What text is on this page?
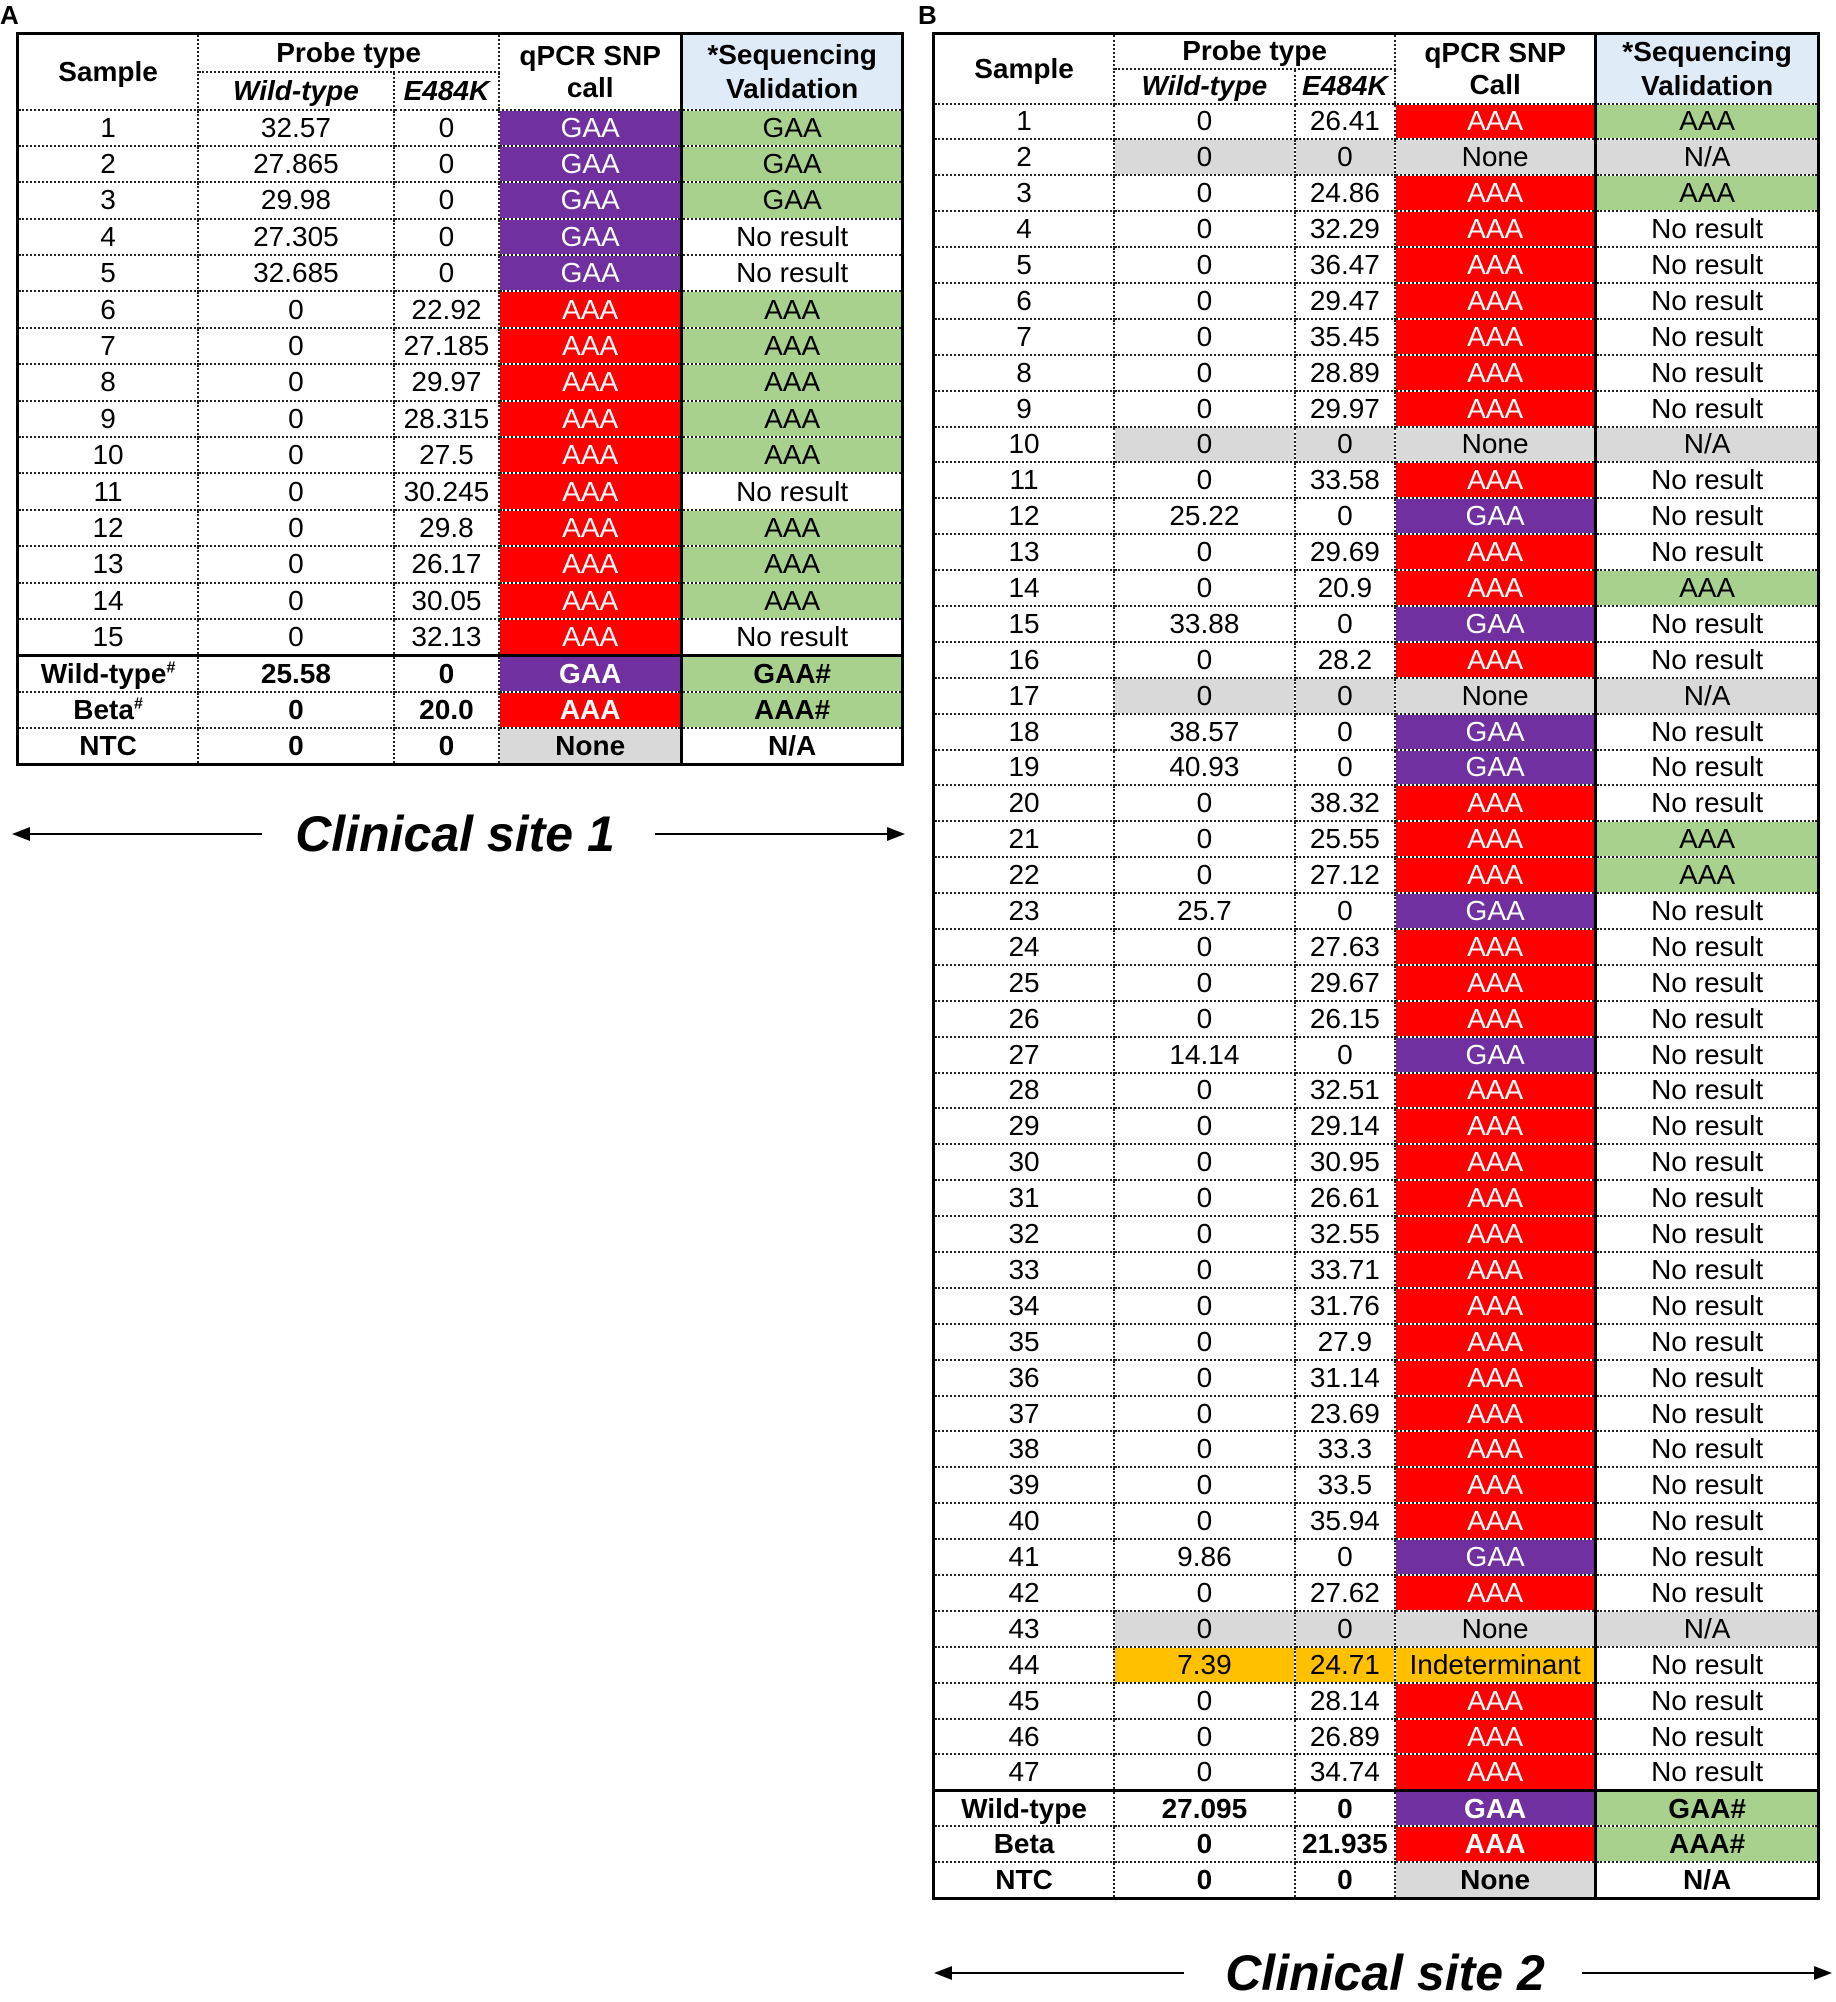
A	B
Sample	Probe type		qPCR SNP call	*Sequencing Validation
	Wild-type	E484K		
1	32.57	0	GAA	GAA
2	27.865	0	GAA	GAA
3	29.98	0	GAA	GAA
4	27.305	0	GAA	No result
5	32.685	0	GAA	No result
6	0	22.92	AAA	AAA
7	0	27.185	AAA	AAA
8	0	29.97	AAA	AAA
9	0	28.315	AAA	AAA
10	0	27.5	AAA	AAA
11	0	30.245	AAA	No result
12	0	29.8	AAA	AAA
13	0	26.17	AAA	AAA
14	0	30.05	AAA	AAA
15	0	32.13	AAA	No result
Wild-type#	25.58	0	GAA	GAA#
Beta#	0	20.0	AAA	AAA#
NTC	0	0	None	N/A
Sample	Probe type		qPCR SNP Call	*Sequencing Validation
	Wild-type	E484K		
1	0	26.41	AAA	AAA
2	0	0	None	N/A
3	0	24.86	AAA	AAA
4	0	32.29	AAA	No result
5	0	36.47	AAA	No result
6	0	29.47	AAA	No result
7	0	35.45	AAA	No result
8	0	28.89	AAA	No result
9	0	29.97	AAA	No result
10	0	0	None	N/A
11	0	33.58	AAA	No result
12	25.22	0	GAA	No result
13	0	29.69	AAA	No result
14	0	20.9	AAA	AAA
15	33.88	0	GAA	No result
16	0	28.2	AAA	No result
17	0	0	None	N/A
18	38.57	0	GAA	No result
19	40.93	0	GAA	No result
20	0	38.32	AAA	No result
21	0	25.55	AAA	AAA
22	0	27.12	AAA	AAA
23	25.7	0	GAA	No result
24	0	27.63	AAA	No result
25	0	29.67	AAA	No result
26	0	26.15	AAA	No result
27	14.14	0	GAA	No result
28	0	32.51	AAA	No result
29	0	29.14	AAA	No result
30	0	30.95	AAA	No result
31	0	26.61	AAA	No result
32	0	32.55	AAA	No result
33	0	33.71	AAA	No result
34	0	31.76	AAA	No result
35	0	27.9	AAA	No result
36	0	31.14	AAA	No result
37	0	23.69	AAA	No result
38	0	33.3	AAA	No result
39	0	33.5	AAA	No result
40	0	35.94	AAA	No result
41	9.86	0	GAA	No result
42	0	27.62	AAA	No result
43	0	0	None	N/A
44	7.39	24.71	Indeterminant	No result
45	0	28.14	AAA	No result
46	0	26.89	AAA	No result
47	0	34.74	AAA	No result
Wild-type	27.095	0	GAA	GAA#
Beta	0	21.935	AAA	AAA#
NTC	0	0	None	N/A
Clinical site 1
Clinical site 2
